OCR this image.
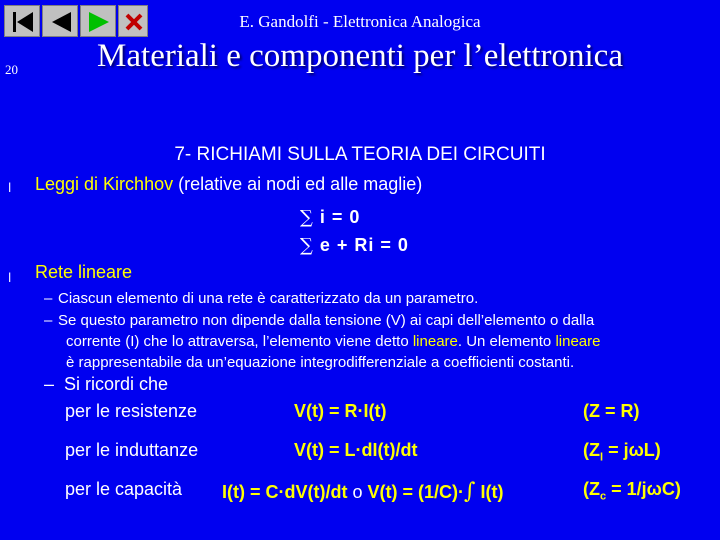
E. Gandolfi - Elettronica Analogica
20	Materiali e componenti per l’elettronica
7- RICHIAMI SULLA TEORIA DEI CIRCUITI
l Leggi di Kirchhov (relative ai nodi ed alle maglie)
∑ i = 0
∑ e + Ri = 0
l Rete lineare
– Ciascun elemento di una rete è caratterizzato da un parametro.
– Se questo parametro non dipende dalla tensione (V) ai capi dell’elemento o dalla
corrente (I) che lo attraversa, l’elemento viene detto lineare. Un elemento lineare
è rappresentabile da un’equazione integrodifferenziale a coefficienti costanti.
– Si ricordi che
per le resistenze	V(t) = R·I(t)	(Z = R)
per le induttanze	V(t) = L·dI(t)/dt	$(Z_l = j\omega L)$
per le capacità I(t) = C·dV(t)/dt o V(t) = (1/C)·∫ I(t)	$(Z_c = 1/j\omega C)$
